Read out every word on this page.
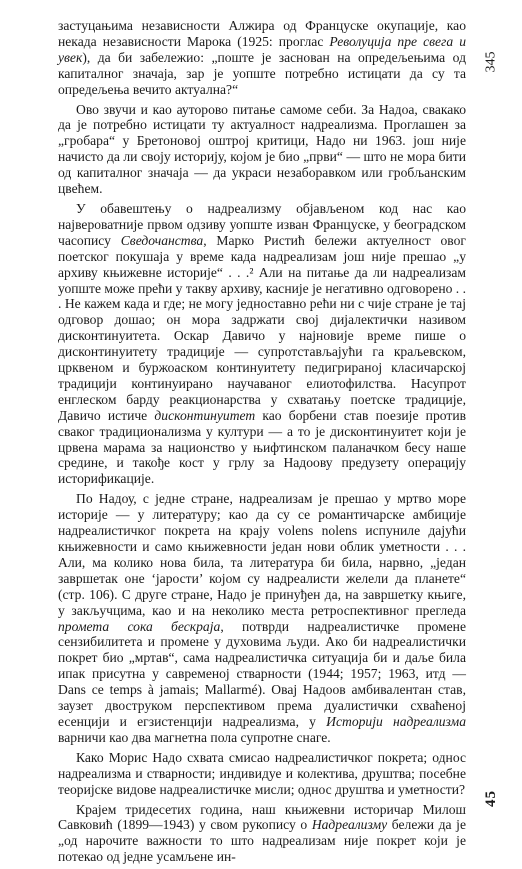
345

застуцањима независности Алжира од Француске окупације, као некада независности Марока (1925: проглас Револуција пре свега и увек), да би забележио: „поште је заснован на опредељењима од капиталног значаја, зар је уопште потребно истицати да су та опредељења вечито актуална?“

Ово звучи и као ауторово питање самоме себи. За Надоа, свакако да је потребно истицати ту актуалност надреализма. Проглашен за „гробара“ у Бретоновој оштрој критици, Надо ни 1963. још није начисто да ли своју историју, којом је био „први“ — што не мора бити од капиталног значаја — да украси незаборавком или гробљанским цвећем.

У обавештењу о надреализму објављеном код нас као највероватније првом одзиву уопште изван Француске, у београдском часопису Сведочанства, Марко Ристић бележи актуелност овог поетског покушаја у време када надреализам још није прешао „у архиву књижевне историје“ . . .² Али на питање да ли надреализам уопште може прећи у такву архиву, касније је негативно одговорено . . . Не кажем када и где; не могу једноставно рећи ни с чије стране је тај одговор дошао; он мора задржати свој дијалектички називом дисконтинуитета. Оскар Давичо у најновије време пише о дисконтинуитету традиције — супротстављајући га краљевском, црквеном и буржоаском континуитету педигрираној класичарској традицији континуирано научаваног елиотофилства. Насупрот енглеском барду реакционарства у схватању поетске традиције, Давичо истиче дисконтинуитет као борбени став поезије против сваког традиционализма у култури — а то је дисконтинуитет који је црвена марама за национство у њифтинском паланачком бесу наше средине, и такође кост у грлу за Надоову предузету операцију исторификације.

По Надоу, с једне стране, надреализам је прешао у мртво море историје — у литературу; као да су се романтичарске амбиције надреалистичког покрета на крају volens nolens испуниле дајући књижевности и само књижевности један нови облик уметности . . . Али, ма колико нова била, та литература би била, нарвно, „један завршетак оне ‘јарости’ којом су надреалисти желели да планете“ (стр. 106). С друге стране, Надо је принуђен да, на завршетку књиге, у закључцима, као и на неколико места ретроспективног прегледа промета сока бескраја, потврди надреалистичке промене сензибилитета и промене у духовима људи. Ако би надреалистички покрет био „мртав“, сама надреалистичка ситуација би и даље била ипак присутна у савременој стварности (1944; 1957; 1963, итд — Dans ce temps à jamais; Mallarmé). Овај Надоов амбивалентан став, заузет двоструком перспективом према дуалистички схваћеној есенцији и егзистенцији надреализма, у Историји надреализма варничи као два магнетна пола супротне снаге.

Како Морис Надо схвата смисао надреалистичког покрета; однос надреализма и стварности; индивидуе и колектива, друштва; посебне теоријске видове надреалистичке мисли; однос друштва и уметности?

Крајем тридесетих година, наш књижевни историчар Милош Савковић (1899—1943) у свом рукопису о Надреализму бележи да је „од нарочите важности то што надреализам није покрет који је потекао од једне усамљене ин-

45
